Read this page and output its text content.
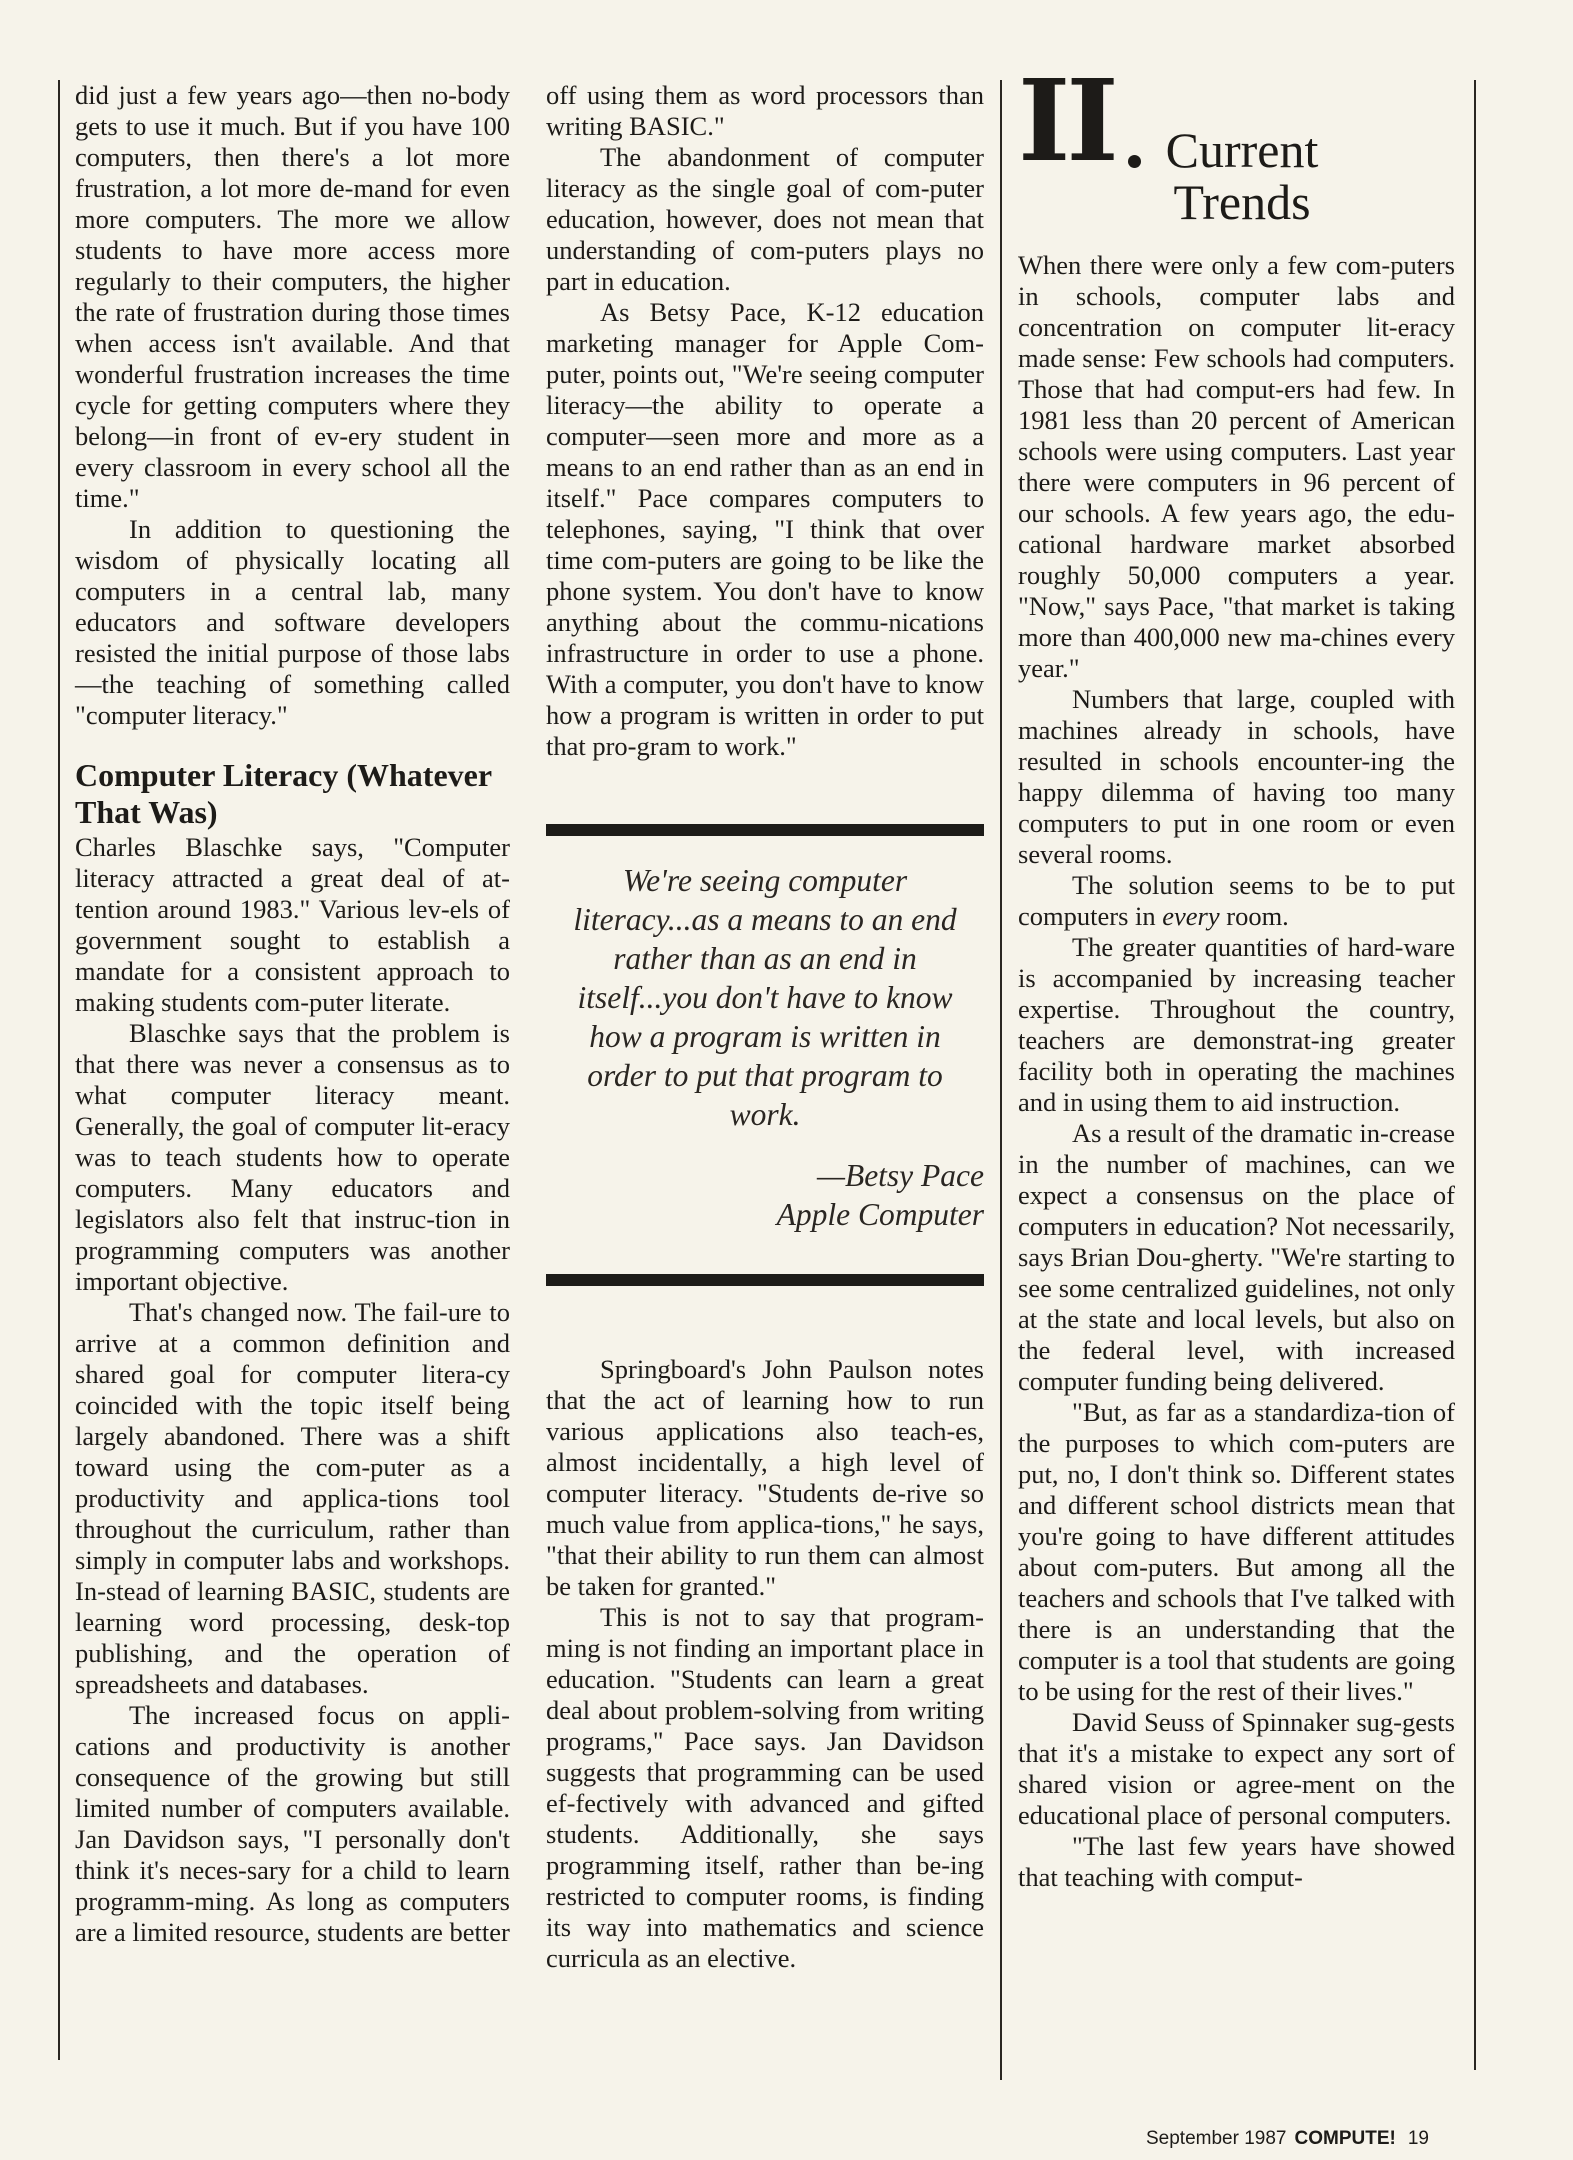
did just a few years ago—then no-body gets to use it much. But if you have 100 computers, then there's a lot more frustration, a lot more de-mand for even more computers. The more we allow students to have more access more regularly to their computers, the higher the rate of frustration during those times when access isn't available. And that wonderful frustration increases the time cycle for getting computers where they belong—in front of ev-ery student in every classroom in every school all the time."

In addition to questioning the wisdom of physically locating all computers in a central lab, many educators and software developers resisted the initial purpose of those labs—the teaching of something called "computer literacy."

Computer Literacy (Whatever That Was)

Charles Blaschke says, "Computer literacy attracted a great deal of at-tention around 1983." Various lev-els of government sought to establish a mandate for a consistent approach to making students com-puter literate.

Blaschke says that the problem is that there was never a consensus as to what computer literacy meant. Generally, the goal of computer lit-eracy was to teach students how to operate computers. Many educators and legislators also felt that instruc-tion in programming computers was another important objective.

That's changed now. The fail-ure to arrive at a common definition and shared goal for computer litera-cy coincided with the topic itself being largely abandoned. There was a shift toward using the com-puter as a productivity and applica-tions tool throughout the curriculum, rather than simply in computer labs and workshops. In-stead of learning BASIC, students are learning word processing, desk-top publishing, and the operation of spreadsheets and databases.

The increased focus on appli-cations and productivity is another consequence of the growing but still limited number of computers available. Jan Davidson says, "I personally don't think it's neces-sary for a child to learn programm-ming. As long as computers are a limited resource, students are better

off using them as word processors than writing BASIC."

The abandonment of computer literacy as the single goal of com-puter education, however, does not mean that understanding of com-puters plays no part in education.

As Betsy Pace, K-12 education marketing manager for Apple Com-puter, points out, "We're seeing computer literacy—the ability to operate a computer—seen more and more as a means to an end rather than as an end in itself." Pace compares computers to telephones, saying, "I think that over time com-puters are going to be like the phone system. You don't have to know anything about the commu-nications infrastructure in order to use a phone. With a computer, you don't have to know how a program is written in order to put that pro-gram to work."

We're seeing computer literacy...as a means to an end rather than as an end in itself...you don't have to know how a program is written in order to put that program to work.
—Betsy Pace
Apple Computer

Springboard's John Paulson notes that the act of learning how to run various applications also teach-es, almost incidentally, a high level of computer literacy. "Students de-rive so much value from applica-tions," he says, "that their ability to run them can almost be taken for granted."

This is not to say that program-ming is not finding an important place in education. "Students can learn a great deal about problem-solving from writing programs," Pace says. Jan Davidson suggests that programming can be used ef-fectively with advanced and gifted students. Additionally, she says programming itself, rather than be-ing restricted to computer rooms, is finding its way into mathematics and science curricula as an elective.

II	Current Trends

When there were only a few com-puters in schools, computer labs and concentration on computer lit-eracy made sense: Few schools had computers. Those that had comput-ers had few. In 1981 less than 20 percent of American schools were using computers. Last year there were computers in 96 percent of our schools. A few years ago, the edu-cational hardware market absorbed roughly 50,000 computers a year. "Now," says Pace, "that market is taking more than 400,000 new ma-chines every year."

Numbers that large, coupled with machines already in schools, have resulted in schools encounter-ing the happy dilemma of having too many computers to put in one room or even several rooms.

The solution seems to be to put computers in every room.

The greater quantities of hard-ware is accompanied by increasing teacher expertise. Throughout the country, teachers are demonstrat-ing greater facility both in operating the machines and in using them to aid instruction.

As a result of the dramatic in-crease in the number of machines, can we expect a consensus on the place of computers in education? Not necessarily, says Brian Dou-gherty. "We're starting to see some centralized guidelines, not only at the state and local levels, but also on the federal level, with increased computer funding being delivered.

"But, as far as a standardiza-tion of the purposes to which com-puters are put, no, I don't think so. Different states and different school districts mean that you're going to have different attitudes about com-puters. But among all the teachers and schools that I've talked with there is an understanding that the computer is a tool that students are going to be using for the rest of their lives."

David Seuss of Spinnaker sug-gests that it's a mistake to expect any sort of shared vision or agree-ment on the educational place of personal computers.

"The last few years have showed that teaching with comput-

September 1987 COMPUTE! 19
